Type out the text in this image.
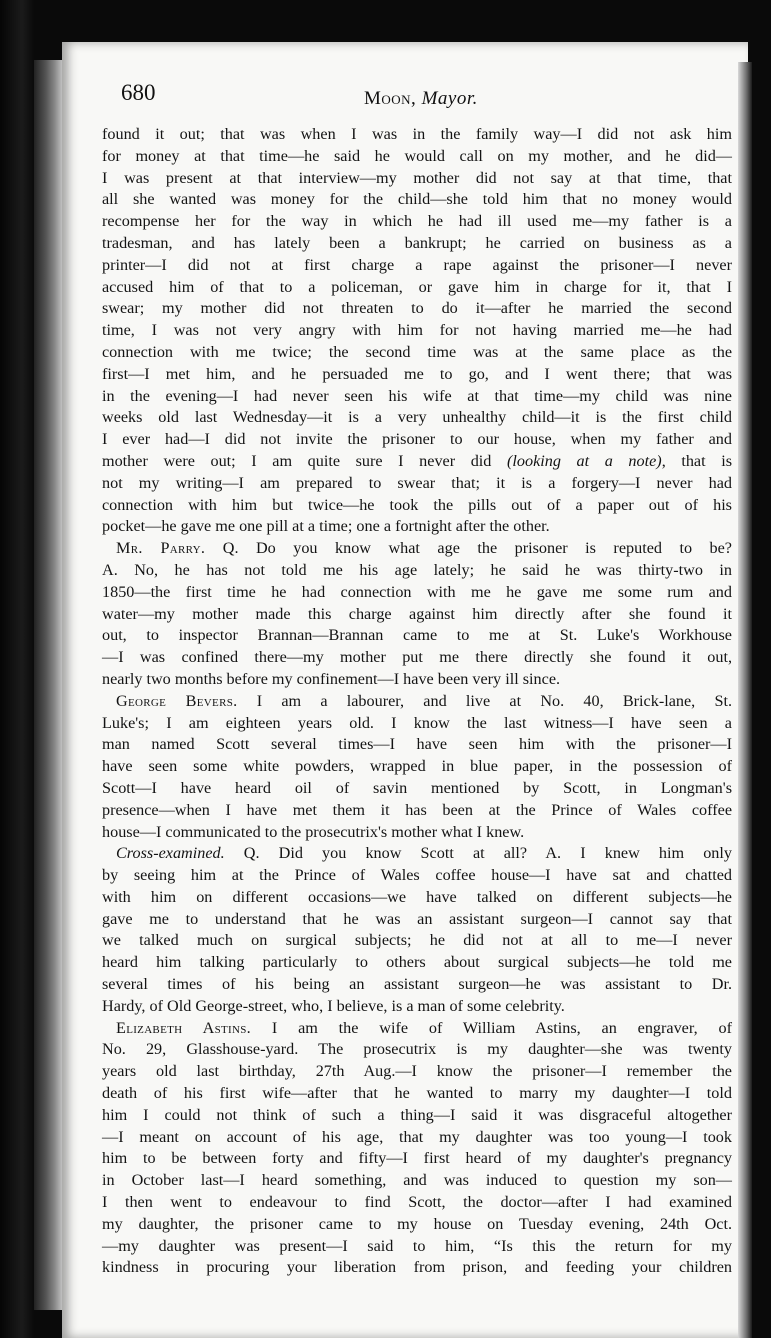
680	Moon, Mayor.
found it out; that was when I was in the family way—I did not ask him
for money at that time—he said he would call on my mother, and he did—
I was present at that interview—my mother did not say at that time, that
all she wanted was money for the child—she told him that no money would
recompense her for the way in which he had ill used me—my father is a
tradesman, and has lately been a bankrupt; he carried on business as a
printer—I did not at first charge a rape against the prisoner—I never
accused him of that to a policeman, or gave him in charge for it, that I
swear; my mother did not threaten to do it—after he married the second
time, I was not very angry with him for not having married me—he had
connection with me twice; the second time was at the same place as the
first—I met him, and he persuaded me to go, and I went there; that was
in the evening—I had never seen his wife at that time—my child was nine
weeks old last Wednesday—it is a very unhealthy child—it is the first child
I ever had—I did not invite the prisoner to our house, when my father and
mother were out; I am quite sure I never did (looking at a note), that is
not my writing—I am prepared to swear that; it is a forgery—I never had
connection with him but twice—he took the pills out of a paper out of his
pocket—he gave me one pill at a time; one a fortnight after the other.
Mr. Parry. Q. Do you know what age the prisoner is reputed to be?
A. No, he has not told me his age lately; he said he was thirty-two in
1850—the first time he had connection with me he gave me some rum and
water—my mother made this charge against him directly after she found it
out, to inspector Brannan—Brannan came to me at St. Luke's Workhouse
—I was confined there—my mother put me there directly she found it out,
nearly two months before my confinement—I have been very ill since.
George Bevers. I am a labourer, and live at No. 40, Brick-lane, St.
Luke's; I am eighteen years old. I know the last witness—I have seen a
man named Scott several times—I have seen him with the prisoner—I
have seen some white powders, wrapped in blue paper, in the possession of
Scott—I have heard oil of savin mentioned by Scott, in Longman's
presence—when I have met them it has been at the Prince of Wales coffee
house—I communicated to the prosecutrix's mother what I knew.
Cross-examined. Q. Did you know Scott at all? A. I knew him only
by seeing him at the Prince of Wales coffee house—I have sat and chatted
with him on different occasions—we have talked on different subjects—he
gave me to understand that he was an assistant surgeon—I cannot say that
we talked much on surgical subjects; he did not at all to me—I never
heard him talking particularly to others about surgical subjects—he told me
several times of his being an assistant surgeon—he was assistant to Dr.
Hardy, of Old George-street, who, I believe, is a man of some celebrity.
Elizabeth Astins. I am the wife of William Astins, an engraver, of
No. 29, Glasshouse-yard. The prosecutrix is my daughter—she was twenty
years old last birthday, 27th Aug.—I know the prisoner—I remember the
death of his first wife—after that he wanted to marry my daughter—I told
him I could not think of such a thing—I said it was disgraceful altogether
—I meant on account of his age, that my daughter was too young—I took
him to be between forty and fifty—I first heard of my daughter's pregnancy
in October last—I heard something, and was induced to question my son—
I then went to endeavour to find Scott, the doctor—after I had examined
my daughter, the prisoner came to my house on Tuesday evening, 24th Oct.
—my daughter was present—I said to him, “Is this the return for my
kindness in procuring your liberation from prison, and feeding your children
